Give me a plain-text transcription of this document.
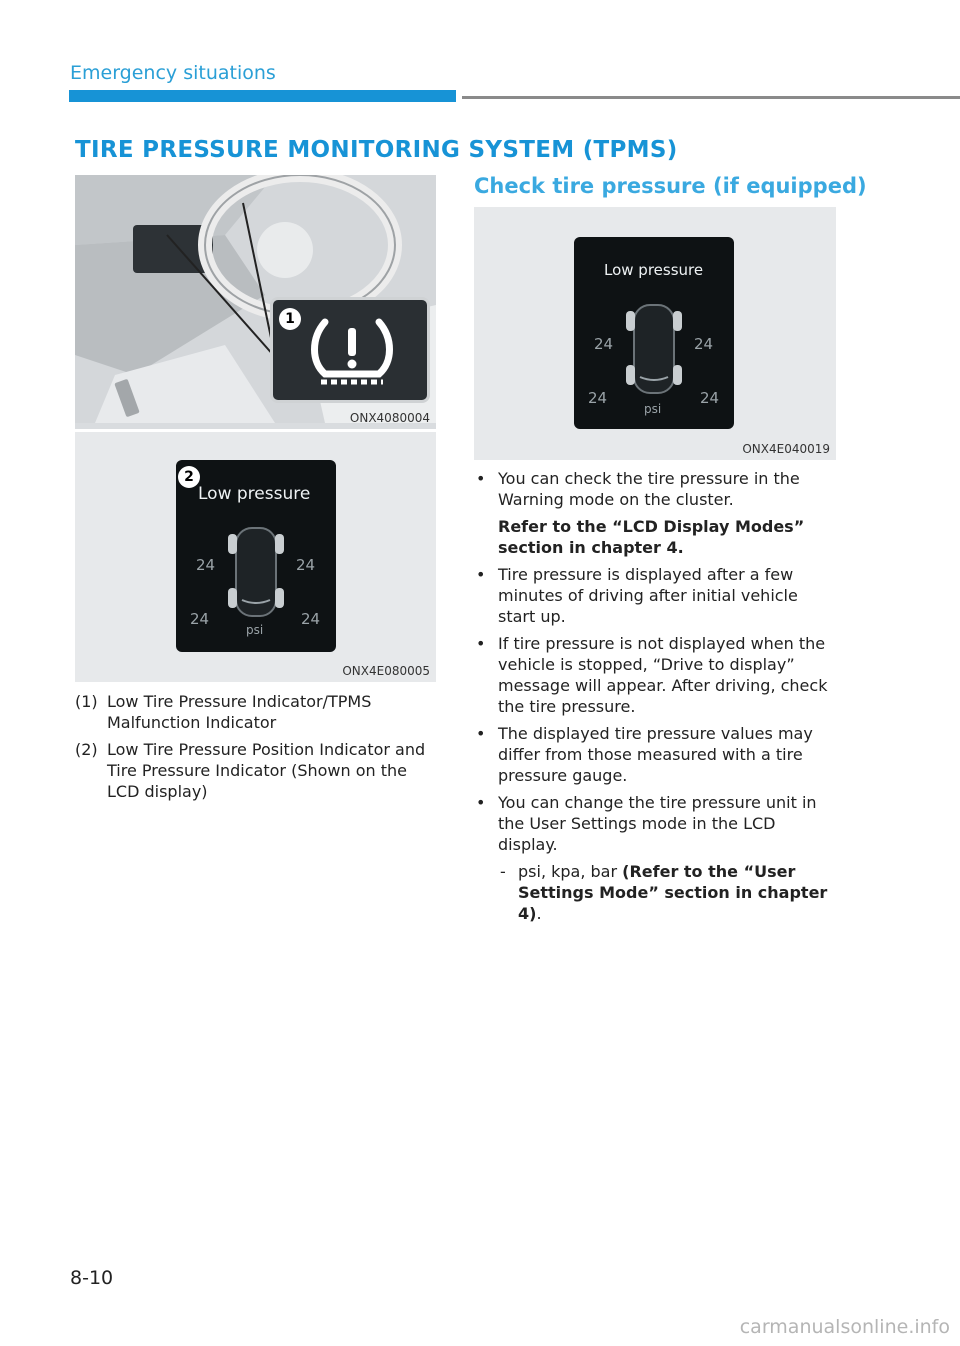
Emergency situations
TIRE PRESSURE MONITORING SYSTEM (TPMS)
1
ONX4080004
2
Low pressure
24	24
24	24
psi
ONX4E080005
(1) Low Tire Pressure Indicator/TPMS Malfunction Indicator
(2) Low Tire Pressure Position Indicator and Tire Pressure Indicator (Shown on the LCD display)
Check tire pressure (if equipped)
Low pressure
24	24
24	24
psi
ONX4E040019
• You can check the tire pressure in the Warning mode on the cluster.
Refer to the “LCD Display Modes” section in chapter 4.
• Tire pressure is displayed after a few minutes of driving after initial vehicle start up.
• If tire pressure is not displayed when the vehicle is stopped, “Drive to display” message will appear. After driving, check the tire pressure.
• The displayed tire pressure values may differ from those measured with a tire pressure gauge.
• You can change the tire pressure unit in the User Settings mode in the LCD display.
- psi, kpa, bar (Refer to the “User Settings Mode” section in chapter 4).
8-10
carmanualsonline.info
